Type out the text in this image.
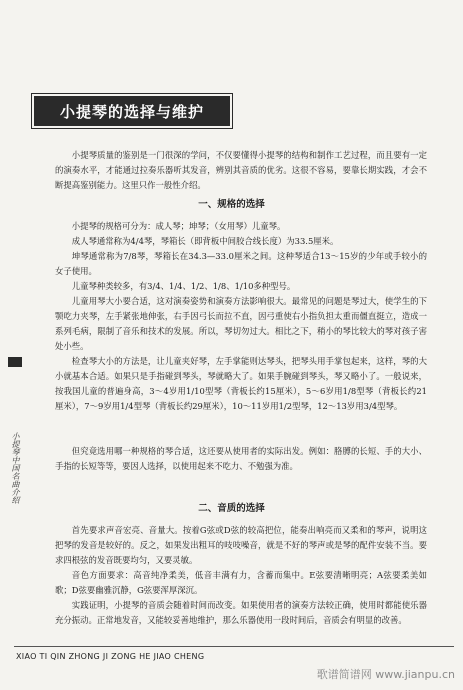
小提琴的选择与维护
小提琴质量的鉴别是一门很深的学问，不仅要懂得小提琴的结构和制作工艺过程，而且要有一定的演奏水平，才能通过拉奏乐器听其发音，辨别其音质的优劣。这很不容易，要靠长期实践，才会不断提高鉴别能力。这里只作一般性介绍。
一、规格的选择
小提琴的规格可分为：成人琴；坤琴；（女用琴）儿童琴。
成人琴通常称为4/4琴，琴箱长（即背板中间胶合线长度）为33.5厘米。
坤琴通常称为7/8琴，琴箱长在34.3—33.0厘米之间。这种琴适合13～15岁的少年或手较小的女子使用。
儿童琴种类较多，有3/4、1/4、1/2、1/8、1/10多种型号。
儿童用琴大小要合适，这对演奏姿势和演奏方法影响很大。最常见的问题是琴过大，使学生的下颚吃力夹琴，左手紧张地伸张，右手因弓长而拉不直，因弓重使右小指负担太重而僵直挺立，造成一系列毛病，限制了音乐和技术的发展。所以，琴切勿过大。相比之下，稍小的琴比较大的琴对孩子害处小些。
检查琴大小的方法是，让儿童夹好琴，左手掌能则达琴头，把琴头用手掌包起来，这样，琴的大小就基本合适。如果只是手指碰到琴头，琴就略大了。如果手腕碰到琴头，琴又略小了。一般说来，按我国儿童的普遍身高，3～4岁用1/10型琴（背板长约15厘米），5～6岁用1/8型琴（背板长约21厘米），7～9岁用1/4型琴（背板长约29厘米），10～11岁用1/2型琴，12～13岁用3/4型琴。
但究竟选用哪一种规格的琴合适，这还要从使用者的实际出发。例如：胳膊的长短、手的大小、手指的长短等等，要因人选择，以使用起来不吃力、不勉强为准。
二、音质的选择
首先要求声音宏亮、音量大。按着G弦或D弦的较高把位，能奏出响亮而又柔和的琴声，说明这把琴的发音是较好的。反之，如果发出粗耳的吱吱噪音，就是不好的琴声或是琴的配件安装不当。要求四根弦的发音既要均匀，又要灵敏。
音色方面要求：高音纯净柔美，低音丰满有力，含蓄而集中。E弦要清晰明亮；A弦要柔美如歌；D弦要幽雅沉静，G弦要浑厚深沉。
实践证明，小提琴的音质会随着时间而改变。如果使用者的演奏方法较正确，使用时都能使乐器充分振动。正常地发音，又能较妥善地维护，那么乐器使用一段时间后，音质会有明显的改善。
小提琴中国名曲介绍
XIAO TI QIN ZHONG JI ZONG HE JIAO CHENG
歌谱简谱网 www.jianpu.cn
